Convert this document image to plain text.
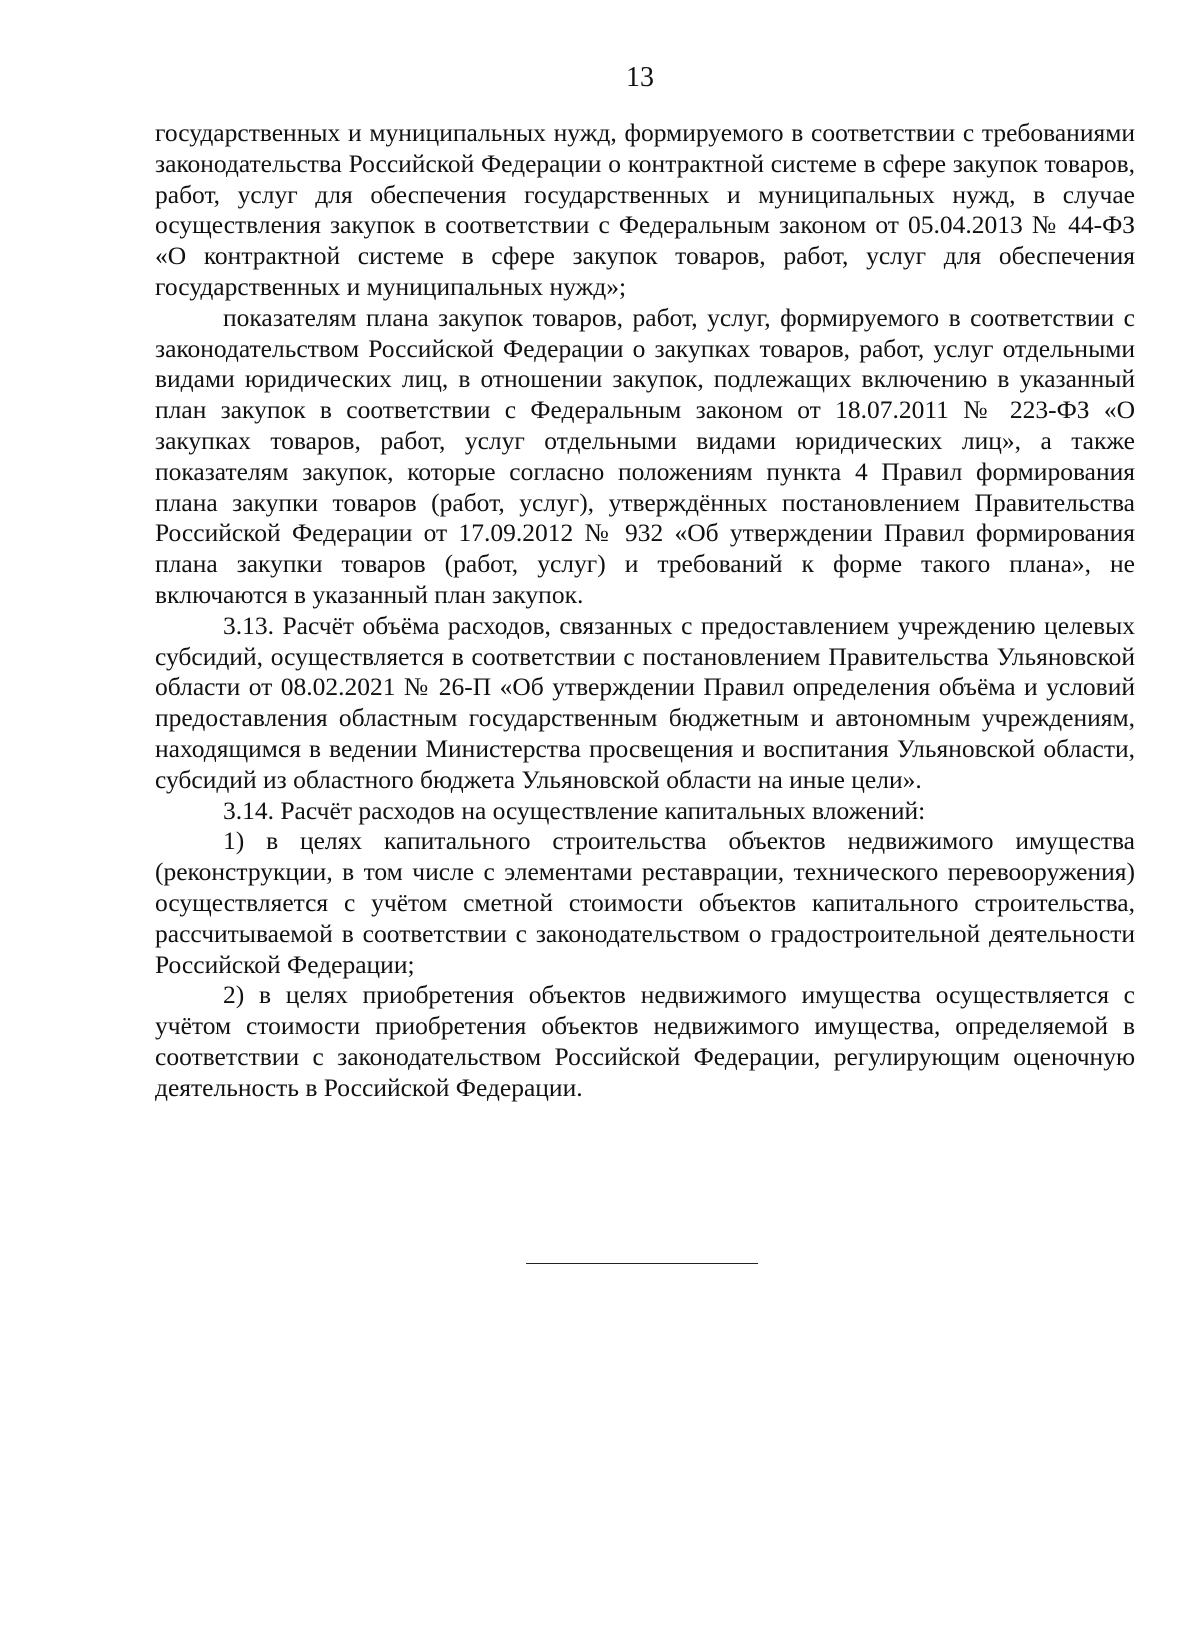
13

государственных и муниципальных нужд, формируемого в соответствии с требованиями законодательства Российской Федерации о контрактной системе в сфере закупок товаров, работ, услуг для обеспечения государственных и муниципальных нужд, в случае осуществления закупок в соответствии с Федеральным законом от 05.04.2013 № 44-ФЗ «О контрактной системе в сфере закупок товаров, работ, услуг для обеспечения государственных и муниципальных нужд»;

показателям плана закупок товаров, работ, услуг, формируемого в соответствии с законодательством Российской Федерации о закупках товаров, работ, услуг отдельными видами юридических лиц, в отношении закупок, подлежащих включению в указанный план закупок в соответствии с Федеральным законом от 18.07.2011 № 223-ФЗ «О закупках товаров, работ, услуг отдельными видами юридических лиц», а также показателям закупок, которые согласно положениям пункта 4 Правил формирования плана закупки товаров (работ, услуг), утверждённых постановлением Правительства Российской Федерации от 17.09.2012 № 932 «Об утверждении Правил формирования плана закупки товаров (работ, услуг) и требований к форме такого плана», не включаются в указанный план закупок.

3.13. Расчёт объёма расходов, связанных с предоставлением учреждению целевых субсидий, осуществляется в соответствии с постановлением Правительства Ульяновской области от 08.02.2021 № 26-П «Об утверждении Правил определения объёма и условий предоставления областным государственным бюджетным и автономным учреждениям, находящимся в ведении Министерства просвещения и воспитания Ульяновской области, субсидий из областного бюджета Ульяновской области на иные цели».

3.14. Расчёт расходов на осуществление капитальных вложений:

1) в целях капитального строительства объектов недвижимого имущества (реконструкции, в том числе с элементами реставрации, технического перевооружения) осуществляется с учётом сметной стоимости объектов капитального строительства, рассчитываемой в соответствии с законодательством о градостроительной деятельности Российской Федерации;

2) в целях приобретения объектов недвижимого имущества осуществляется с учётом стоимости приобретения объектов недвижимого имущества, определяемой в соответствии с законодательством Российской Федерации, регулирующим оценочную деятельность в Российской Федерации.
